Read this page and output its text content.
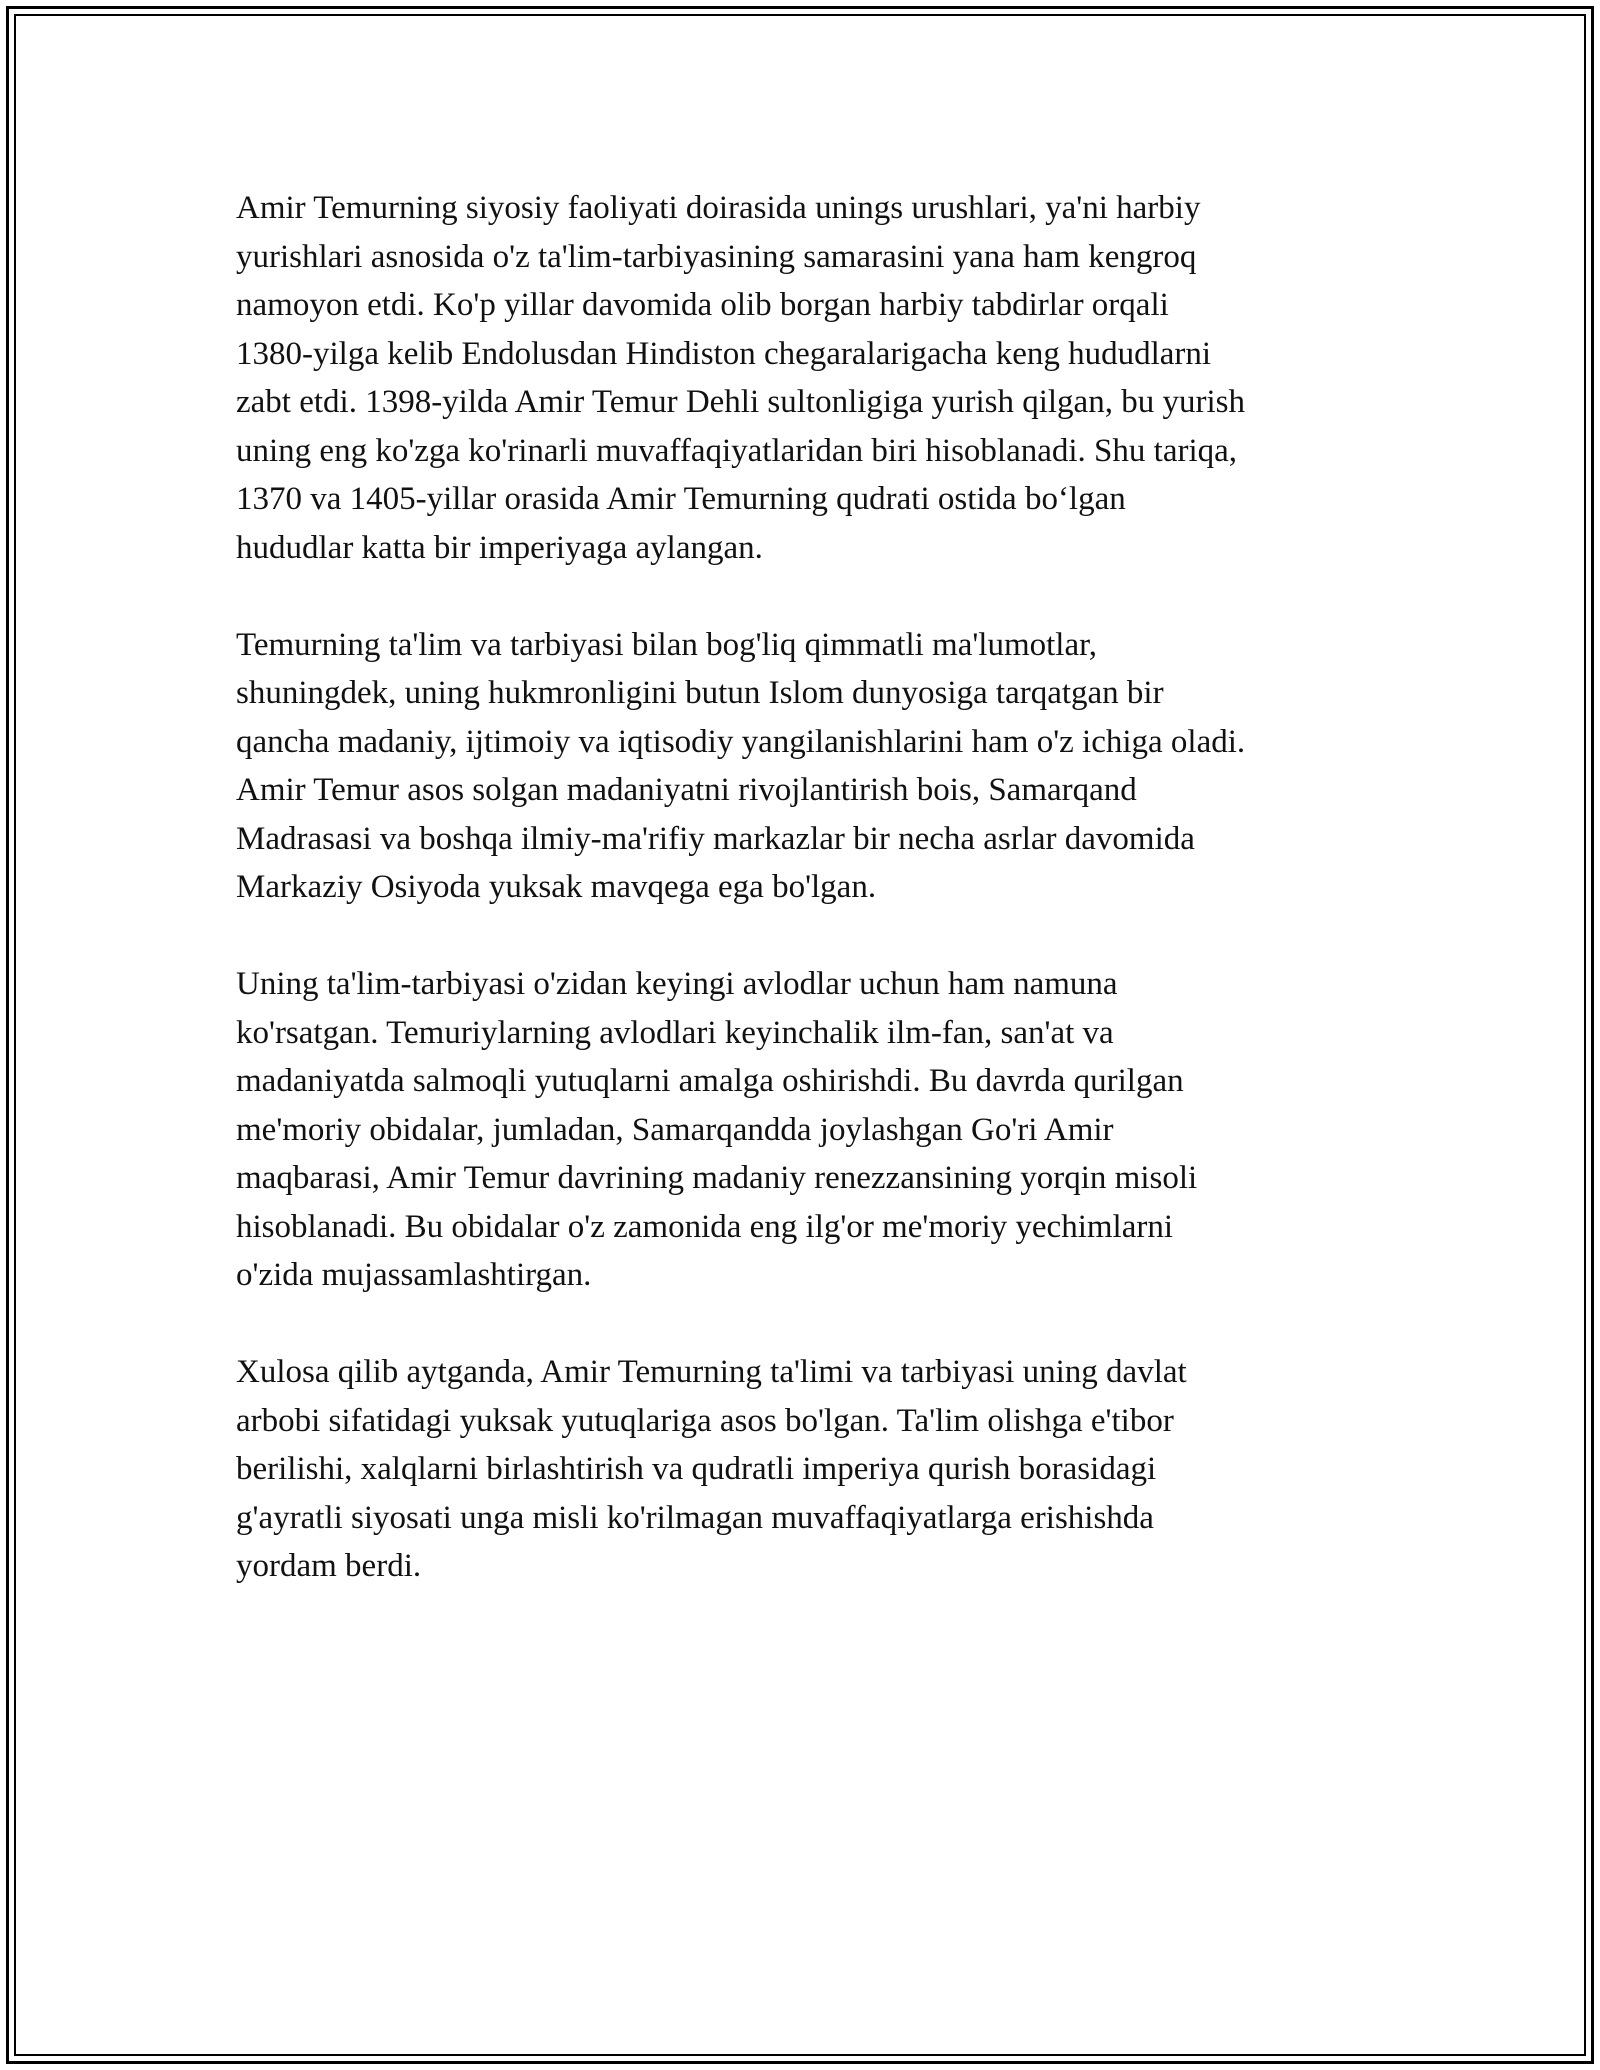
Amir Temurning siyosiy faoliyati doirasida unings urushlari, ya'ni harbiy
yurishlari asnosida o'z ta'lim-tarbiyasining samarasini yana ham kengroq
namoyon etdi. Ko'p yillar davomida olib borgan harbiy tabdirlar orqali
1380-yilga kelib Endolusdan Hindiston chegaralarigacha keng hududlarni
zabt etdi. 1398-yilda Amir Temur Dehli sultonligiga yurish qilgan, bu yurish
uning eng ko'zga ko'rinarli muvaffaqiyatlaridan biri hisoblanadi. Shu tariqa,
1370 va 1405-yillar orasida Amir Temurning qudrati ostida bo‘lgan
hududlar katta bir imperiyaga aylangan.

Temurning ta'lim va tarbiyasi bilan bog'liq qimmatli ma'lumotlar,
shuningdek, uning hukmronligini butun Islom dunyosiga tarqatgan bir
qancha madaniy, ijtimoiy va iqtisodiy yangilanishlarini ham o'z ichiga oladi.
Amir Temur asos solgan madaniyatni rivojlantirish bois, Samarqand
Madrasasi va boshqa ilmiy-ma'rifiy markazlar bir necha asrlar davomida
Markaziy Osiyoda yuksak mavqega ega bo'lgan.

Uning ta'lim-tarbiyasi o'zidan keyingi avlodlar uchun ham namuna
ko'rsatgan. Temuriylarning avlodlari keyinchalik ilm-fan, san'at va
madaniyatda salmoqli yutuqlarni amalga oshirishdi. Bu davrda qurilgan
me'moriy obidalar, jumladan, Samarqandda joylashgan Go'ri Amir
maqbarasi, Amir Temur davrining madaniy renezzansining yorqin misoli
hisoblanadi. Bu obidalar o'z zamonida eng ilg'or me'moriy yechimlarni
o'zida mujassamlashtirgan.

Xulosa qilib aytganda, Amir Temurning ta'limi va tarbiyasi uning davlat
arbobi sifatidagi yuksak yutuqlariga asos bo'lgan. Ta'lim olishga e'tibor
berilishi, xalqlarni birlashtirish va qudratli imperiya qurish borasidagi
g'ayratli siyosati unga misli ko'rilmagan muvaffaqiyatlarga erishishda
yordam berdi.
